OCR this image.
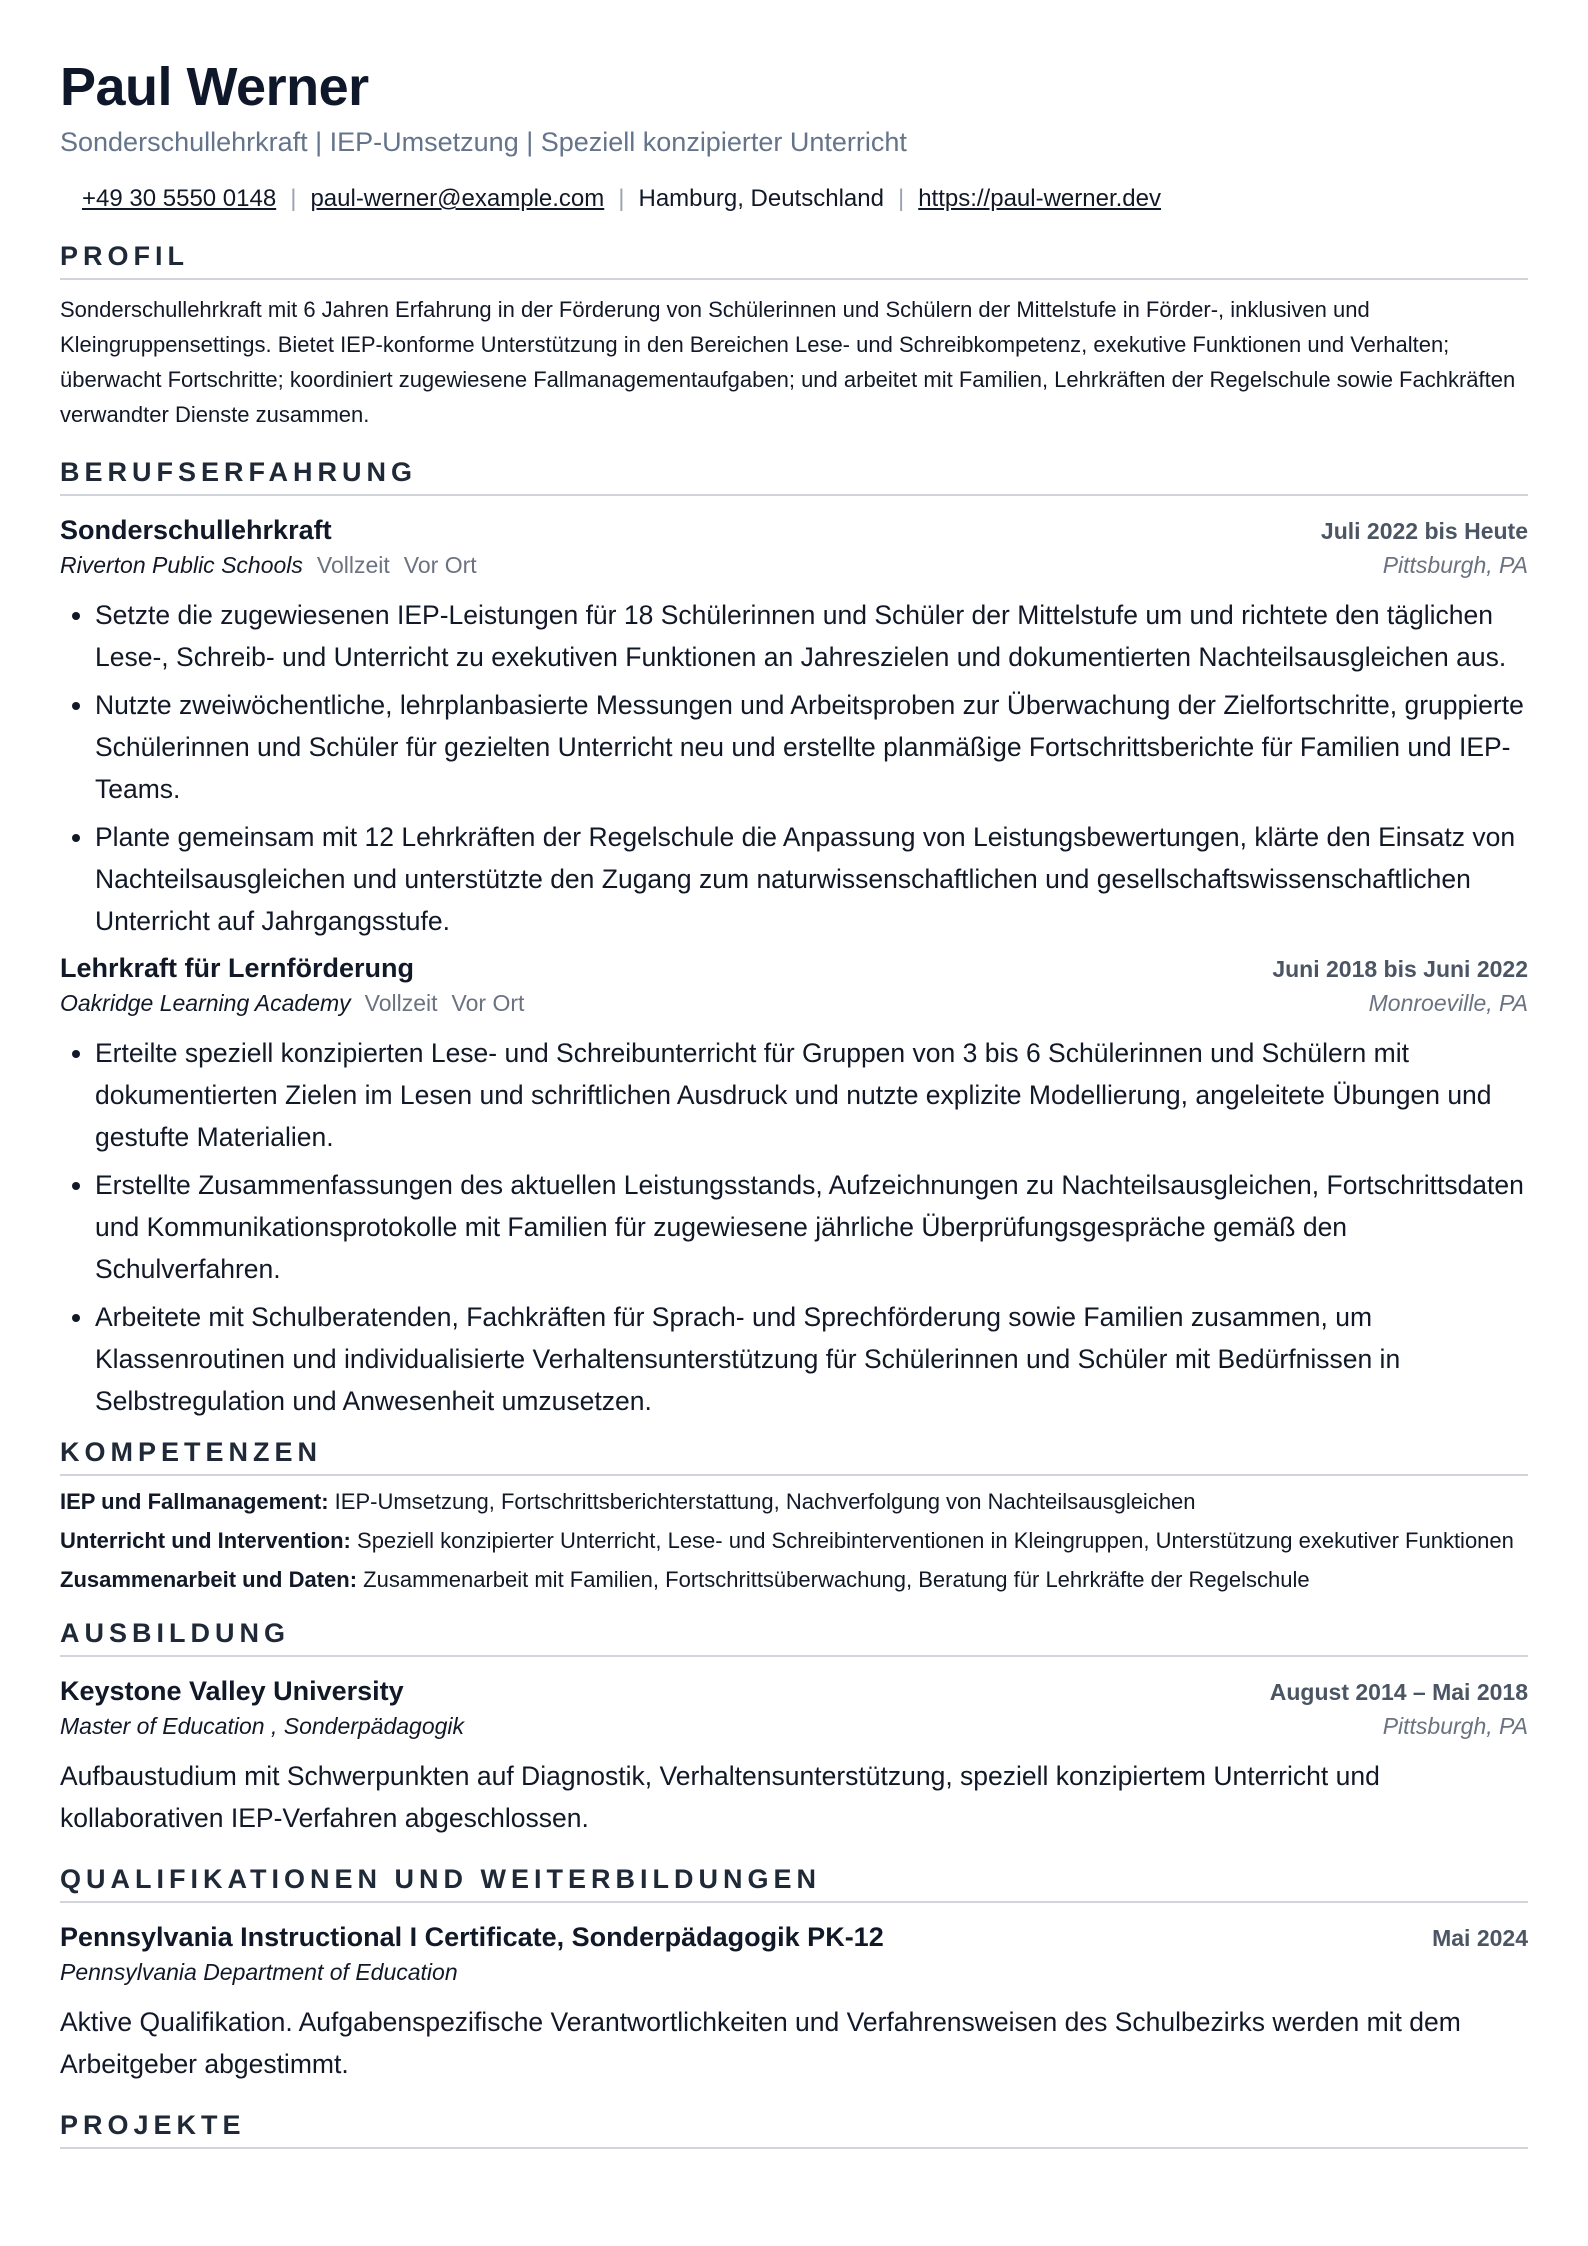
Paul Werner
Sonderschullehrkraft | IEP-Umsetzung | Speziell konzipierter Unterricht
+49 30 5550 0148 | paul-werner@example.com | Hamburg, Deutschland | https://paul-werner.dev
PROFIL
Sonderschullehrkraft mit 6 Jahren Erfahrung in der Förderung von Schülerinnen und Schülern der Mittelstufe in Förder-, inklusiven und Kleingruppensettings. Bietet IEP-konforme Unterstützung in den Bereichen Lese- und Schreibkompetenz, exekutive Funktionen und Verhalten; überwacht Fortschritte; koordiniert zugewiesene Fallmanagementaufgaben; und arbeitet mit Familien, Lehrkräften der Regelschule sowie Fachkräften verwandter Dienste zusammen.
BERUFSERFAHRUNG
Sonderschullehrkraft	Juli 2022 bis Heute
Riverton Public Schools Vollzeit Vor Ort	Pittsburgh, PA
• Setzte die zugewiesenen IEP-Leistungen für 18 Schülerinnen und Schüler der Mittelstufe um und richtete den täglichen Lese-, Schreib- und Unterricht zu exekutiven Funktionen an Jahreszielen und dokumentierten Nachteilsausgleichen aus.
• Nutzte zweiwöchentliche, lehrplanbasierte Messungen und Arbeitsproben zur Überwachung der Zielfortschritte, gruppierte Schülerinnen und Schüler für gezielten Unterricht neu und erstellte planmäßige Fortschrittsberichte für Familien und IEP-Teams.
• Plante gemeinsam mit 12 Lehrkräften der Regelschule die Anpassung von Leistungsbewertungen, klärte den Einsatz von Nachteilsausgleichen und unterstützte den Zugang zum naturwissenschaftlichen und gesellschaftswissenschaftlichen Unterricht auf Jahrgangsstufe.
Lehrkraft für Lernförderung	Juni 2018 bis Juni 2022
Oakridge Learning Academy Vollzeit Vor Ort	Monroeville, PA
• Erteilte speziell konzipierten Lese- und Schreibunterricht für Gruppen von 3 bis 6 Schülerinnen und Schülern mit dokumentierten Zielen im Lesen und schriftlichen Ausdruck und nutzte explizite Modellierung, angeleitete Übungen und gestufte Materialien.
• Erstellte Zusammenfassungen des aktuellen Leistungsstands, Aufzeichnungen zu Nachteilsausgleichen, Fortschrittsdaten und Kommunikationsprotokolle mit Familien für zugewiesene jährliche Überprüfungsgespräche gemäß den Schulverfahren.
• Arbeitete mit Schulberatenden, Fachkräften für Sprach- und Sprechförderung sowie Familien zusammen, um Klassenroutinen und individualisierte Verhaltensunterstützung für Schülerinnen und Schüler mit Bedürfnissen in Selbstregulation und Anwesenheit umzusetzen.
KOMPETENZEN
IEP und Fallmanagement: IEP-Umsetzung, Fortschrittsberichterstattung, Nachverfolgung von Nachteilsausgleichen
Unterricht und Intervention: Speziell konzipierter Unterricht, Lese- und Schreibinterventionen in Kleingruppen, Unterstützung exekutiver Funktionen
Zusammenarbeit und Daten: Zusammenarbeit mit Familien, Fortschrittsüberwachung, Beratung für Lehrkräfte der Regelschule
AUSBILDUNG
Keystone Valley University	August 2014 – Mai 2018
Master of Education , Sonderpädagogik	Pittsburgh, PA
Aufbaustudium mit Schwerpunkten auf Diagnostik, Verhaltensunterstützung, speziell konzipiertem Unterricht und kollaborativen IEP-Verfahren abgeschlossen.
QUALIFIKATIONEN UND WEITERBILDUNGEN
Pennsylvania Instructional I Certificate, Sonderpädagogik PK-12	Mai 2024
Pennsylvania Department of Education
Aktive Qualifikation. Aufgabenspezifische Verantwortlichkeiten und Verfahrensweisen des Schulbezirks werden mit dem Arbeitgeber abgestimmt.
PROJEKTE
